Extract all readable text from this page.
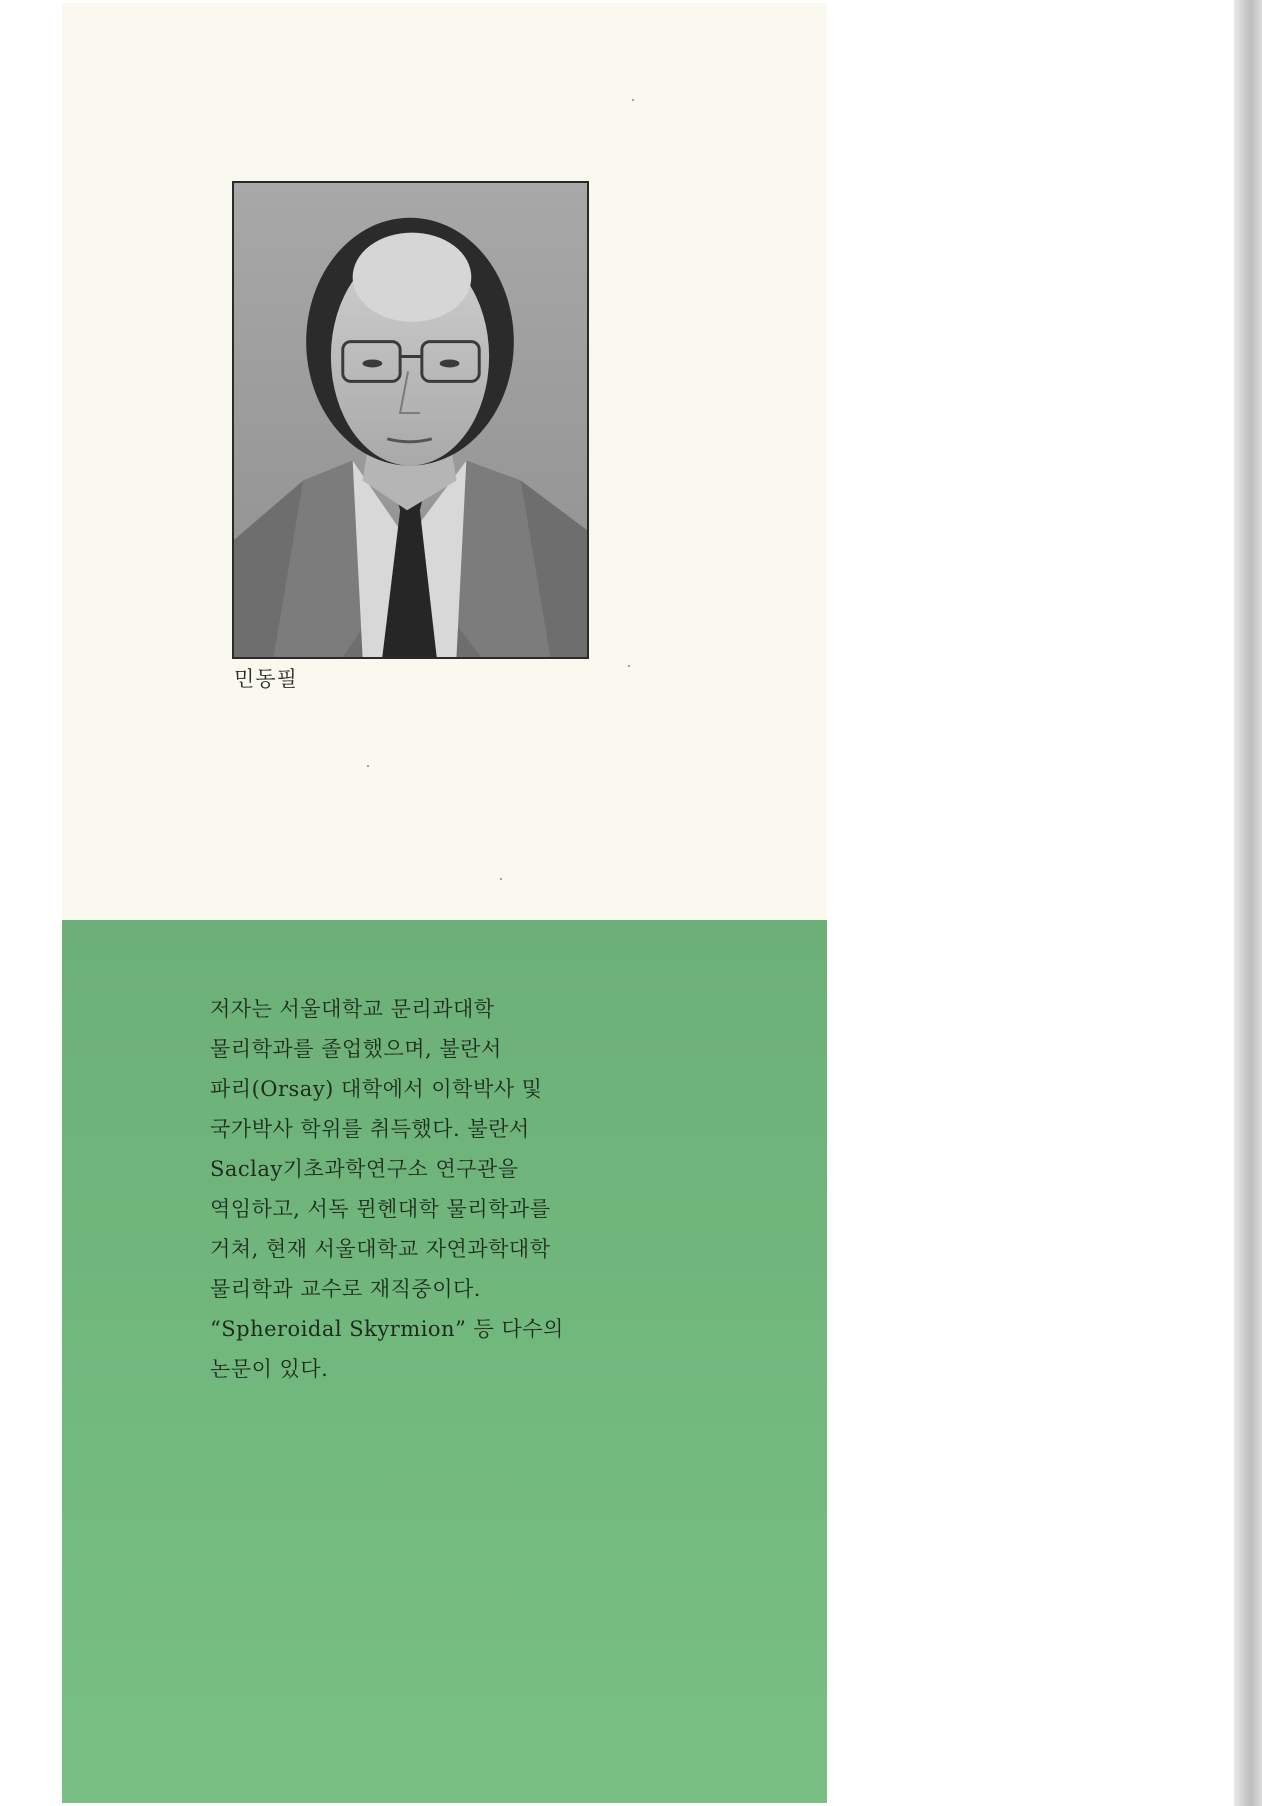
민동필
저자는 서울대학교 문리과대학
물리학과를 졸업했으며, 불란서
파리(Orsay) 대학에서 이학박사 및
국가박사 학위를 취득했다. 불란서
Saclay기초과학연구소 연구관을
역임하고, 서독 뮌헨대학 물리학과를
거쳐, 현재 서울대학교 자연과학대학
물리학과 교수로 재직중이다.
“Spheroidal Skyrmion” 등 다수의
논문이 있다.
